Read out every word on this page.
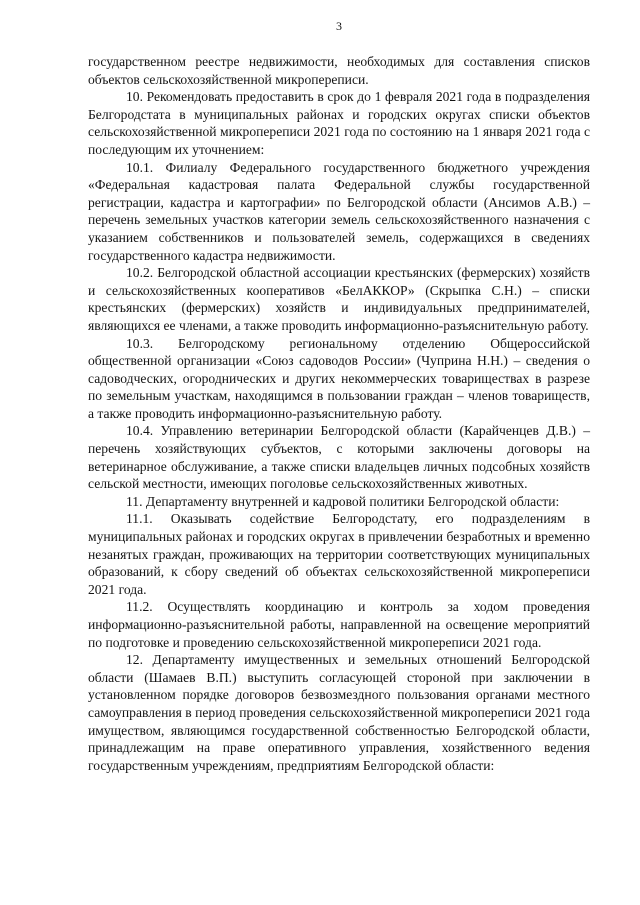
3

государственном реестре недвижимости, необходимых для составления списков объектов сельскохозяйственной микропереписи.

10. Рекомендовать предоставить в срок до 1 февраля 2021 года в подразделения Белгородстата в муниципальных районах и городских округах списки объектов сельскохозяйственной микропереписи 2021 года по состоянию на 1 января 2021 года с последующим их уточнением:

10.1. Филиалу Федерального государственного бюджетного учреждения «Федеральная кадастровая палата Федеральной службы государственной регистрации, кадастра и картографии» по Белгородской области (Ансимов А.В.) – перечень земельных участков категории земель сельскохозяйственного назначения с указанием собственников и пользователей земель, содержащихся в сведениях государственного кадастра недвижимости.

10.2. Белгородской областной ассоциации крестьянских (фермерских) хозяйств и сельскохозяйственных кооперативов «БелАККОР» (Скрыпка С.Н.) – списки крестьянских (фермерских) хозяйств и индивидуальных предпринимателей, являющихся ее членами, а также проводить информационно-разъяснительную работу.

10.3. Белгородскому региональному отделению Общероссийской общественной организации «Союз садоводов России» (Чуприна Н.Н.) – сведения о садоводческих, огороднических и других некоммерческих товариществах в разрезе по земельным участкам, находящимся в пользовании граждан – членов товариществ, а также проводить информационно-разъяснительную работу.

10.4. Управлению ветеринарии Белгородской области (Карайченцев Д.В.) – перечень хозяйствующих субъектов, с которыми заключены договоры на ветеринарное обслуживание, а также списки владельцев личных подсобных хозяйств сельской местности, имеющих поголовье сельскохозяйственных животных.

11. Департаменту внутренней и кадровой политики Белгородской области:

11.1. Оказывать содействие Белгородстату, его подразделениям в муниципальных районах и городских округах в привлечении безработных и временно незанятых граждан, проживающих на территории соответствующих муниципальных образований, к сбору сведений об объектах сельскохозяйственной микропереписи 2021 года.

11.2. Осуществлять координацию и контроль за ходом проведения информационно-разъяснительной работы, направленной на освещение мероприятий по подготовке и проведению сельскохозяйственной микропереписи 2021 года.

12. Департаменту имущественных и земельных отношений Белгородской области (Шамаев В.П.) выступить согласующей стороной при заключении в установленном порядке договоров безвозмездного пользования органами местного самоуправления в период проведения сельскохозяйственной микропереписи 2021 года имуществом, являющимся государственной собственностью Белгородской области, принадлежащим на праве оперативного управления, хозяйственного ведения государственным учреждениям, предприятиям Белгородской области:
